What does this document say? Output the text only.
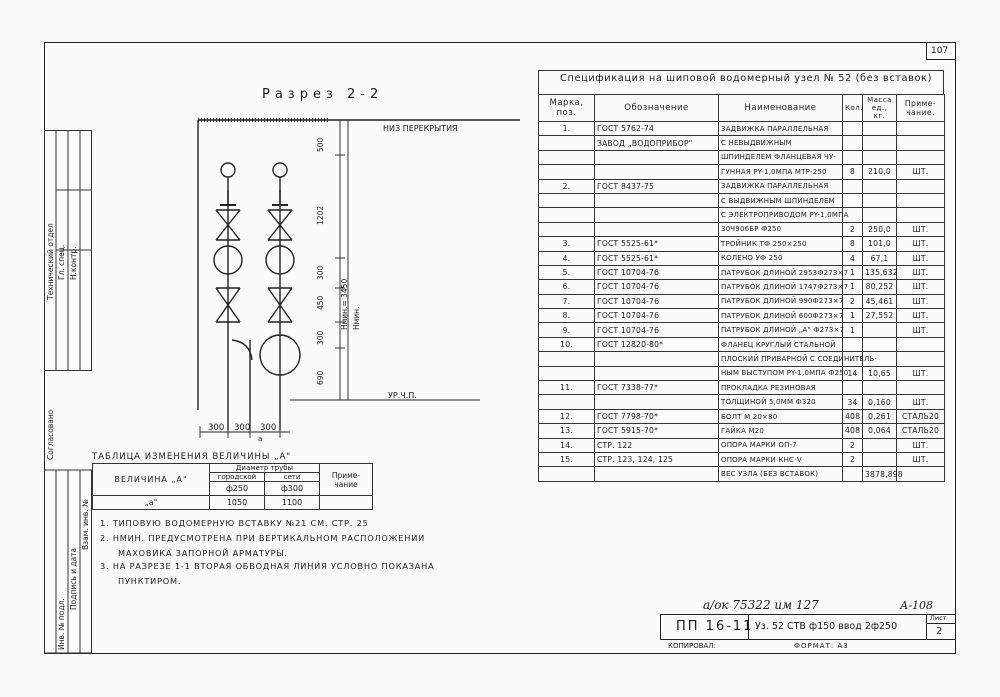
107
Технический отдел Гл. спец. Н.контр.
Согласовано
Инв. № подл.
Подпись и дата
Взам. инв. №
Разрез 2-2
НИЗ ПЕРЕКРЫТИЯ
УР.Ч.П.
500
1202
300
450
300
690
Hмин.= 3450 Hмин.
300 300 300
a
Спецификация на шиповой водомерный узел № 52 (без вставок)
Марка, поз.	Обозначение	Наименование	Кол.	Масса ед., кг.	Приме- чание.
1.	ГОСТ 5762-74	ЗАДВИЖКА ПАРАЛЛЕЛЬНАЯ			
	ЗАВОД „ВОДОПРИБОР"	С НЕВЫДВИЖНЫМ			
		ШПИНДЕЛЕМ ФЛАНЦЕВАЯ ЧУ-			
		ГУННАЯ PY-1,0МПА МТР-250	8	210,0	ШТ.
2.	ГОСТ 8437-75	ЗАДВИЖКА ПАРАЛЛЕЛЬНАЯ			
		С ВЫДВИЖНЫМ ШПИНДЕЛЕМ			
		С ЭЛЕКТРОПРИВОДОМ PY-1,0МПА			
		30Ч906БР Ф250	2	250,0	ШТ.
3.	ГОСТ 5525-61*	ТРОЙНИК ТФ 250×250	8	101,0	ШТ.
4.	ГОСТ 5525-61*	КОЛЕНО УФ 250	4	67,1	ШТ.
5.	ГОСТ 10704-76	ПАТРУБОК ДЛИНОЙ 2953Ф273×7	1	135,632	ШТ.
6.	ГОСТ 10704-76	ПАТРУБОК ДЛИНОЙ 1747Ф273×7	1	80,252	ШТ.
7.	ГОСТ 10704-76	ПАТРУБОК ДЛИНОЙ 990Ф273×7	2	45,461	ШТ.
8.	ГОСТ 10704-76	ПАТРУБОК ДЛИНОЙ 600Ф273×7	1	27,552	ШТ.
9.	ГОСТ 10704-76	ПАТРУБОК ДЛИНОЙ „A" Ф273×7	1		ШТ.
10.	ГОСТ 12820-80*	ФЛАНЕЦ КРУГЛЫЙ СТАЛЬНОЙ			
		ПЛОСКИЙ ПРИВАРНОЙ С СОЕДИНИТЕЛЬ-			
		НЫМ ВЫСТУПОМ PY-1,0МПА Ф250	14	10,65	ШТ.
11.	ГОСТ 7338-77*	ПРОКЛАДКА РЕЗИНОВАЯ			
		ТОЛЩИНОЙ 5,0ММ Ф320	34	0,160	ШТ.
12.	ГОСТ 7798-70*	БОЛТ М 20×80	408	0,261	СТАЛЬ20
13.	ГОСТ 5915-70*	ГАЙКА М20	408	0,064	СТАЛЬ20
14.	СТР. 122	ОПОРА МАРКИ ОП-7	2		ШТ.
15.	СТР. 123, 124, 125	ОПОРА МАРКИ КНС-V	2		ШТ.
		ВЕС УЗЛА (БЕЗ ВСТАВОК)		3878,898	
ТАБЛИЦА ИЗМЕНЕНИЯ ВЕЛИЧИНЫ „A"
ВЕЛИЧИНА „A"	Диаметр трубы		Приме- чание
	городской	сети	
	ф250	ф300	
„a"	1050	1100	
1. ТИПОВУЮ ВОДОМЕРНУЮ ВСТАВКУ №21 СМ. СТР. 25
2. HМИН. ПРЕДУСМОТРЕНА ПРИ ВЕРТИКАЛЬНОМ РАСПОЛОЖЕНИИ
МАХОВИКА ЗАПОРНОЙ АРМАТУРЫ.
3. НА РАЗРЕЗЕ 1-1 ВТОРАЯ ОБВОДНАЯ ЛИНИЯ УСЛОВНО ПОКАЗАНА
ПУНКТИРОМ.
а/ок 75322 им 127	А-108
ПП 16-11 Уз. 52 СТВ ф150 ввод 2ф250
Лист
2
КОПИРОВАЛ:	ФОРМАТ: А3
